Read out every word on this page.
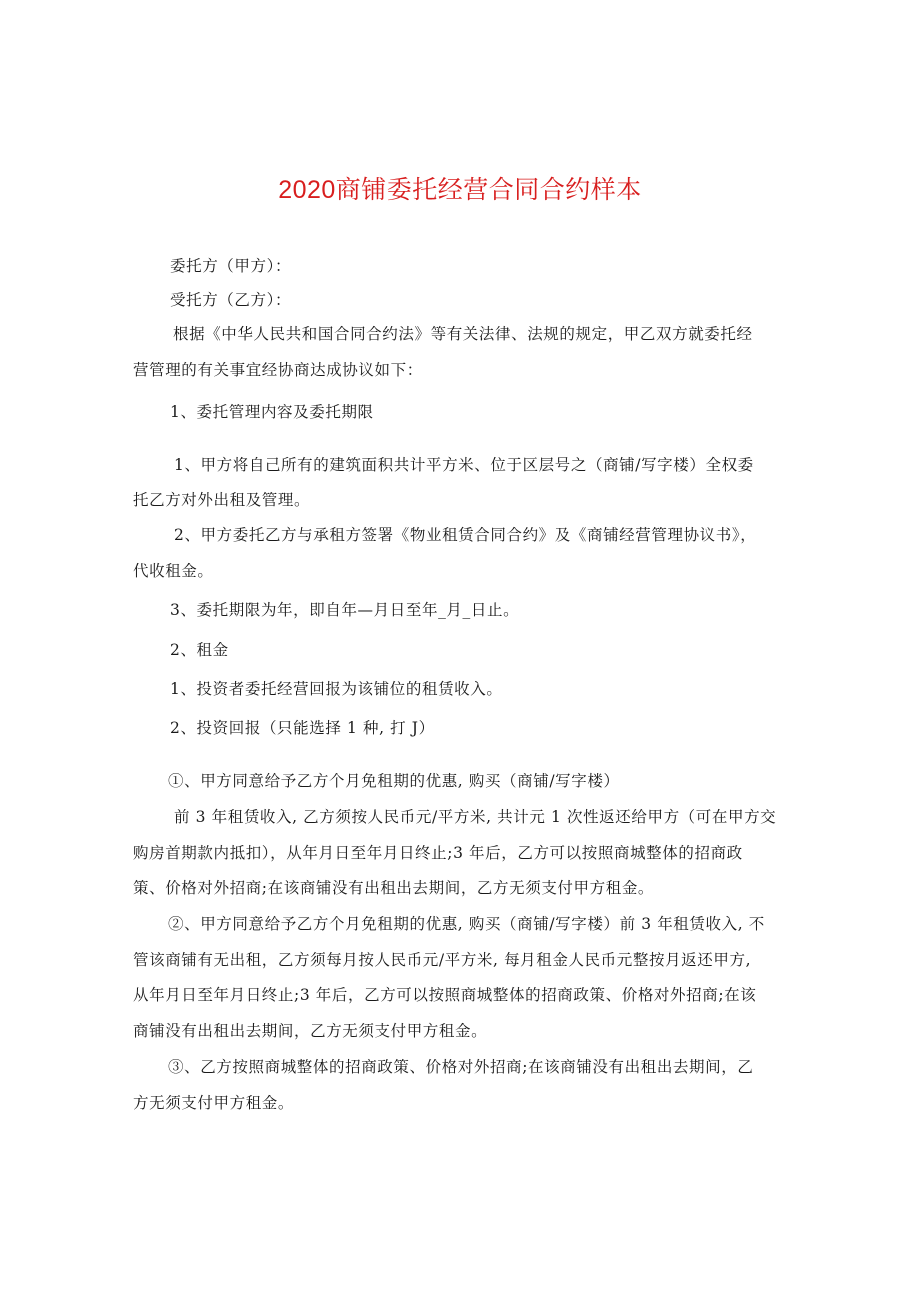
2020商铺委托经营合同合约样本
委托方（甲方）：
受托方（乙方）：
根据《中华人民共和国合同合约法》等有关法律、法规的规定，甲乙双方就委托经
营管理的有关事宜经协商达成协议如下：
1、委托管理内容及委托期限
1、甲方将自己所有的建筑面积共计平方米、位于区层号之（商铺/写字楼）全权委
托乙方对外出租及管理。
2、甲方委托乙方与承租方签署《物业租赁合同合约》及《商铺经营管理协议书》，
代收租金。
3、委托期限为年，即自年—月日至年_月_日止。
2、租金
1、投资者委托经营回报为该铺位的租赁收入。
2、投资回报（只能选择 1 种, 打 J）
①、甲方同意给予乙方个月免租期的优惠, 购买（商铺/写字楼）
前 3 年租赁收入, 乙方须按人民币元/平方米, 共计元 1 次性返还给甲方（可在甲方交
购房首期款内抵扣），从年月日至年月日终止;3 年后，乙方可以按照商城整体的招商政
策、价格对外招商;在该商铺没有出租出去期间，乙方无须支付甲方租金。
②、甲方同意给予乙方个月免租期的优惠, 购买（商铺/写字楼）前 3 年租赁收入, 不
管该商铺有无出租，乙方须每月按人民币元/平方米, 每月租金人民币元整按月返还甲方,
从年月日至年月日终止;3 年后，乙方可以按照商城整体的招商政策、价格对外招商;在该
商铺没有出租出去期间，乙方无须支付甲方租金。
③、乙方按照商城整体的招商政策、价格对外招商;在该商铺没有出租出去期间，乙
方无须支付甲方租金。
